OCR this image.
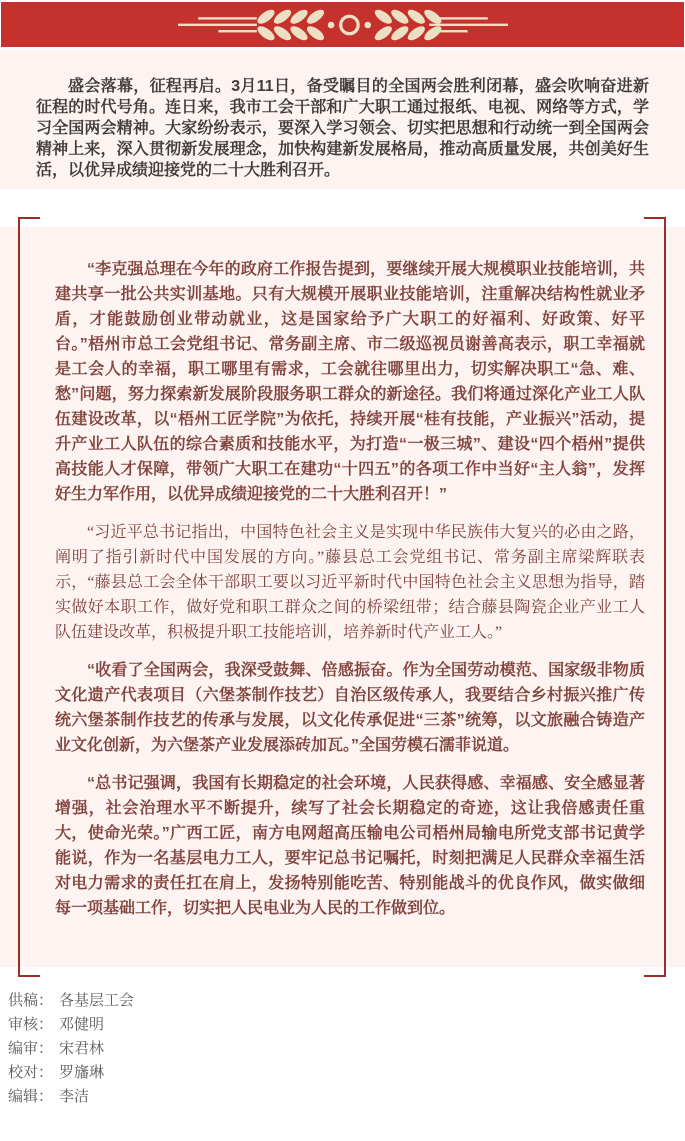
盛会落幕，征程再启。3月11日，备受瞩目的全国两会胜利闭幕，盛会吹响奋进新征程的时代号角。连日来，我市工会干部和广大职工通过报纸、电视、网络等方式，学习全国两会精神。大家纷纷表示，要深入学习领会、切实把思想和行动统一到全国两会精神上来，深入贯彻新发展理念，加快构建新发展格局，推动高质量发展，共创美好生活，以优异成绩迎接党的二十大胜利召开。

“李克强总理在今年的政府工作报告提到，要继续开展大规模职业技能培训，共建共享一批公共实训基地。只有大规模开展职业技能培训，注重解决结构性就业矛盾，才能鼓励创业带动就业，这是国家给予广大职工的好福利、好政策、好平台。”梧州市总工会党组书记、常务副主席、市二级巡视员谢善高表示，职工幸福就是工会人的幸福，职工哪里有需求，工会就往哪里出力，切实解决职工“急、难、愁”问题，努力探索新发展阶段服务职工群众的新途径。我们将通过深化产业工人队伍建设改革，以“梧州工匠学院”为依托，持续开展“桂有技能，产业振兴”活动，提升产业工人队伍的综合素质和技能水平，为打造“一极三城”、建设“四个梧州”提供高技能人才保障，带领广大职工在建功“十四五”的各项工作中当好“主人翁”，发挥好生力军作用，以优异成绩迎接党的二十大胜利召开！”

“习近平总书记指出，中国特色社会主义是实现中华民族伟大复兴的必由之路，阐明了指引新时代中国发展的方向。”藤县总工会党组书记、常务副主席梁辉联表示，“藤县总工会全体干部职工要以习近平新时代中国特色社会主义思想为指导，踏实做好本职工作，做好党和职工群众之间的桥梁纽带；结合藤县陶瓷企业产业工人队伍建设改革，积极提升职工技能培训，培养新时代产业工人。”

“收看了全国两会，我深受鼓舞、倍感振奋。作为全国劳动模范、国家级非物质文化遗产代表项目（六堡茶制作技艺）自治区级传承人，我要结合乡村振兴推广传统六堡茶制作技艺的传承与发展，以文化传承促进“三茶”统筹，以文旅融合铸造产业文化创新，为六堡茶产业发展添砖加瓦。”全国劳模石濡菲说道。

“总书记强调，我国有长期稳定的社会环境，人民获得感、幸福感、安全感显著增强，社会治理水平不断提升，续写了社会长期稳定的奇迹，这让我倍感责任重大，使命光荣。”广西工匠，南方电网超高压输电公司梧州局输电所党支部书记黄学能说，作为一名基层电力工人，要牢记总书记嘱托，时刻把满足人民群众幸福生活对电力需求的责任扛在肩上，发扬特别能吃苦、特别能战斗的优良作风，做实做细每一项基础工作，切实把人民电业为人民的工作做到位。

供稿： 各基层工会
审核： 邓健明
编审： 宋君林
校对： 罗旛琳
编辑： 李洁
